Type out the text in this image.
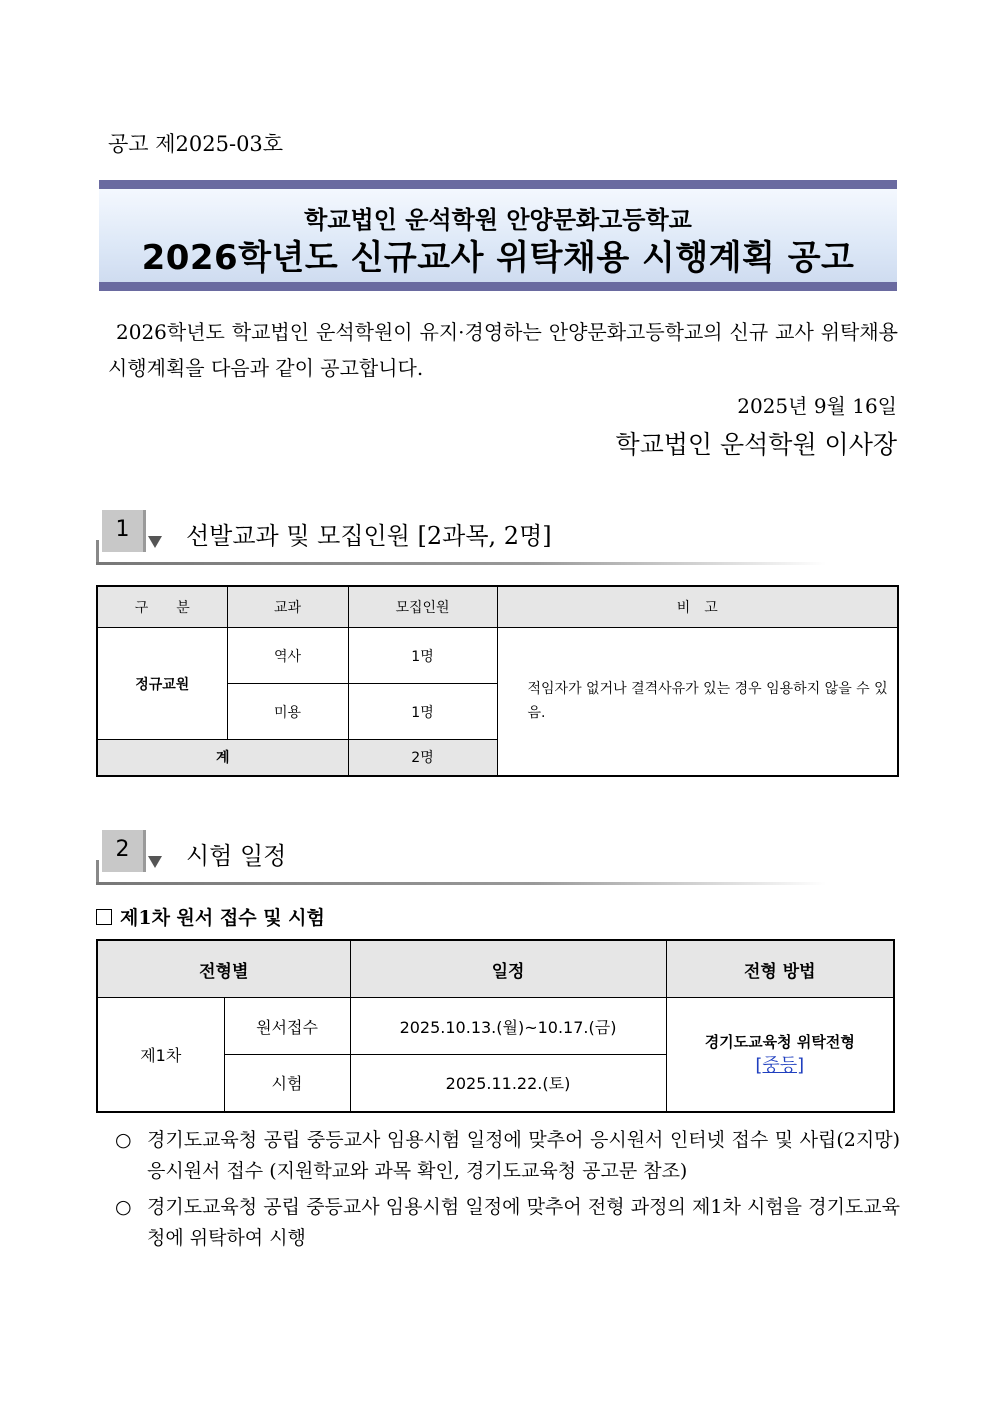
공고 제2025-03호
학교법인 운석학원 안양문화고등학교
2026학년도 신규교사 위탁채용 시행계획 공고
2026학년도 학교법인 운석학원이 유지·경영하는 안양문화고등학교의 신규 교사 위탁채용 시행계획을 다음과 같이 공고합니다.
2025년 9월 16일
학교법인 운석학원 이사장
1	선발교과 및 모집인원 [2과목, 2명]
구　　분	교과	모집인원	비　고
정규교원	역사	1명	적임자가 없거나 결격사유가 있는 경우 임용하지 않을 수 있음.
	미용	1명	
계		2명	
2	시험 일정
제1차 원서 접수 및 시험
전형별		일정	전형 방법
제1차	원서접수	2025.10.13.(월)~10.17.(금)	경기도교육청 위탁전형
[중등]
	시험	2025.11.22.(토)	
○ 경기도교육청 공립 중등교사 임용시험 일정에 맞추어 응시원서 인터넷 접수 및 사립(2지망) 응시원서 접수 (지원학교와 과목 확인, 경기도교육청 공고문 참조)
○ 경기도교육청 공립 중등교사 임용시험 일정에 맞추어 전형 과정의 제1차 시험을 경기도교육청에 위탁하여 시행
